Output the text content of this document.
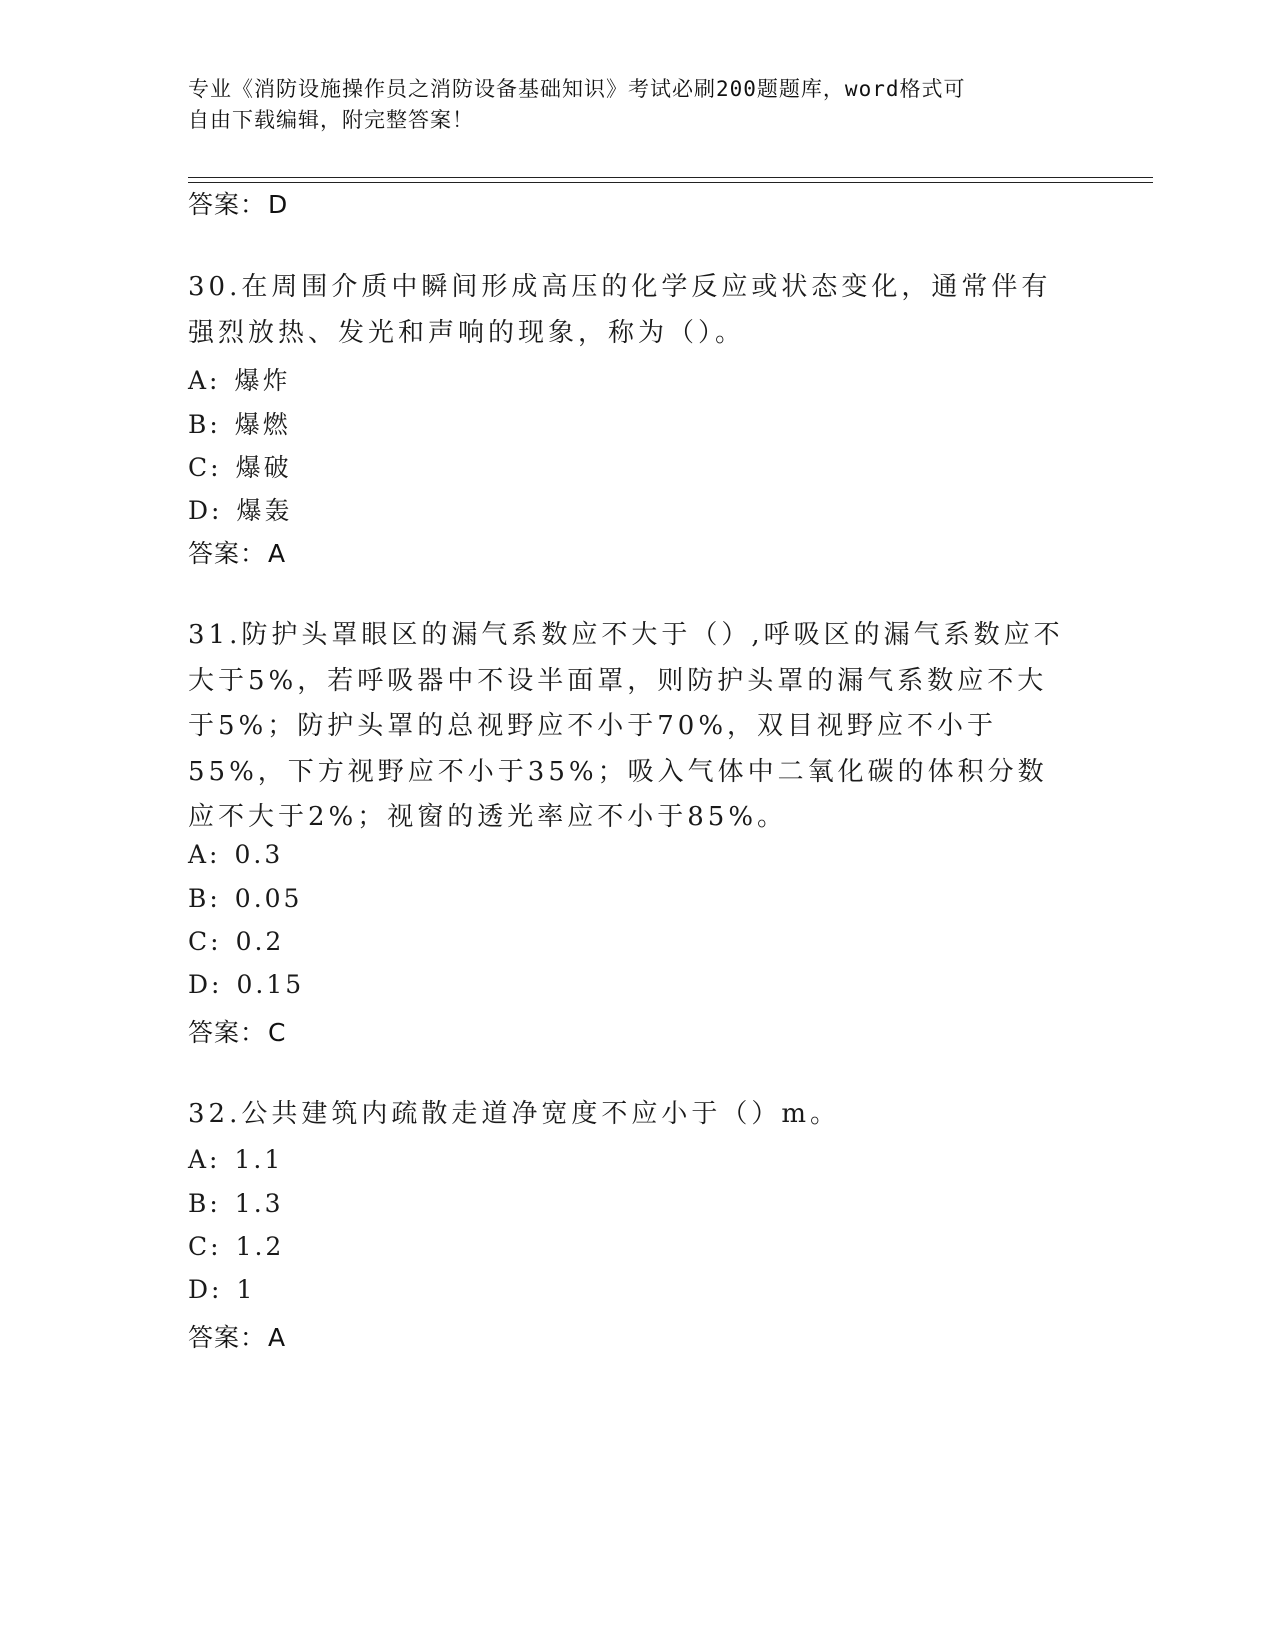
专业《消防设施操作员之消防设备基础知识》考试必刷200题题库，word格式可
自由下载编辑，附完整答案！
答案：D
30.在周围介质中瞬间形成高压的化学反应或状态变化，通常伴有强烈放热、发光和声响的现象，称为（）。
A: 爆炸
B: 爆燃
C: 爆破
D: 爆轰
答案：A
31.防护头罩眼区的漏气系数应不大于（）,呼吸区的漏气系数应不大于5%，若呼吸器中不设半面罩，则防护头罩的漏气系数应不大于5%；防护头罩的总视野应不小于70%，双目视野应不小于55%，下方视野应不小于35%；吸入气体中二氧化碳的体积分数应不大于2%；视窗的透光率应不小于85%。
A: 0.3
B: 0.05
C: 0.2
D: 0.15
答案：C
32.公共建筑内疏散走道净宽度不应小于（）m。
A: 1.1
B: 1.3
C: 1.2
D: 1
答案：A
